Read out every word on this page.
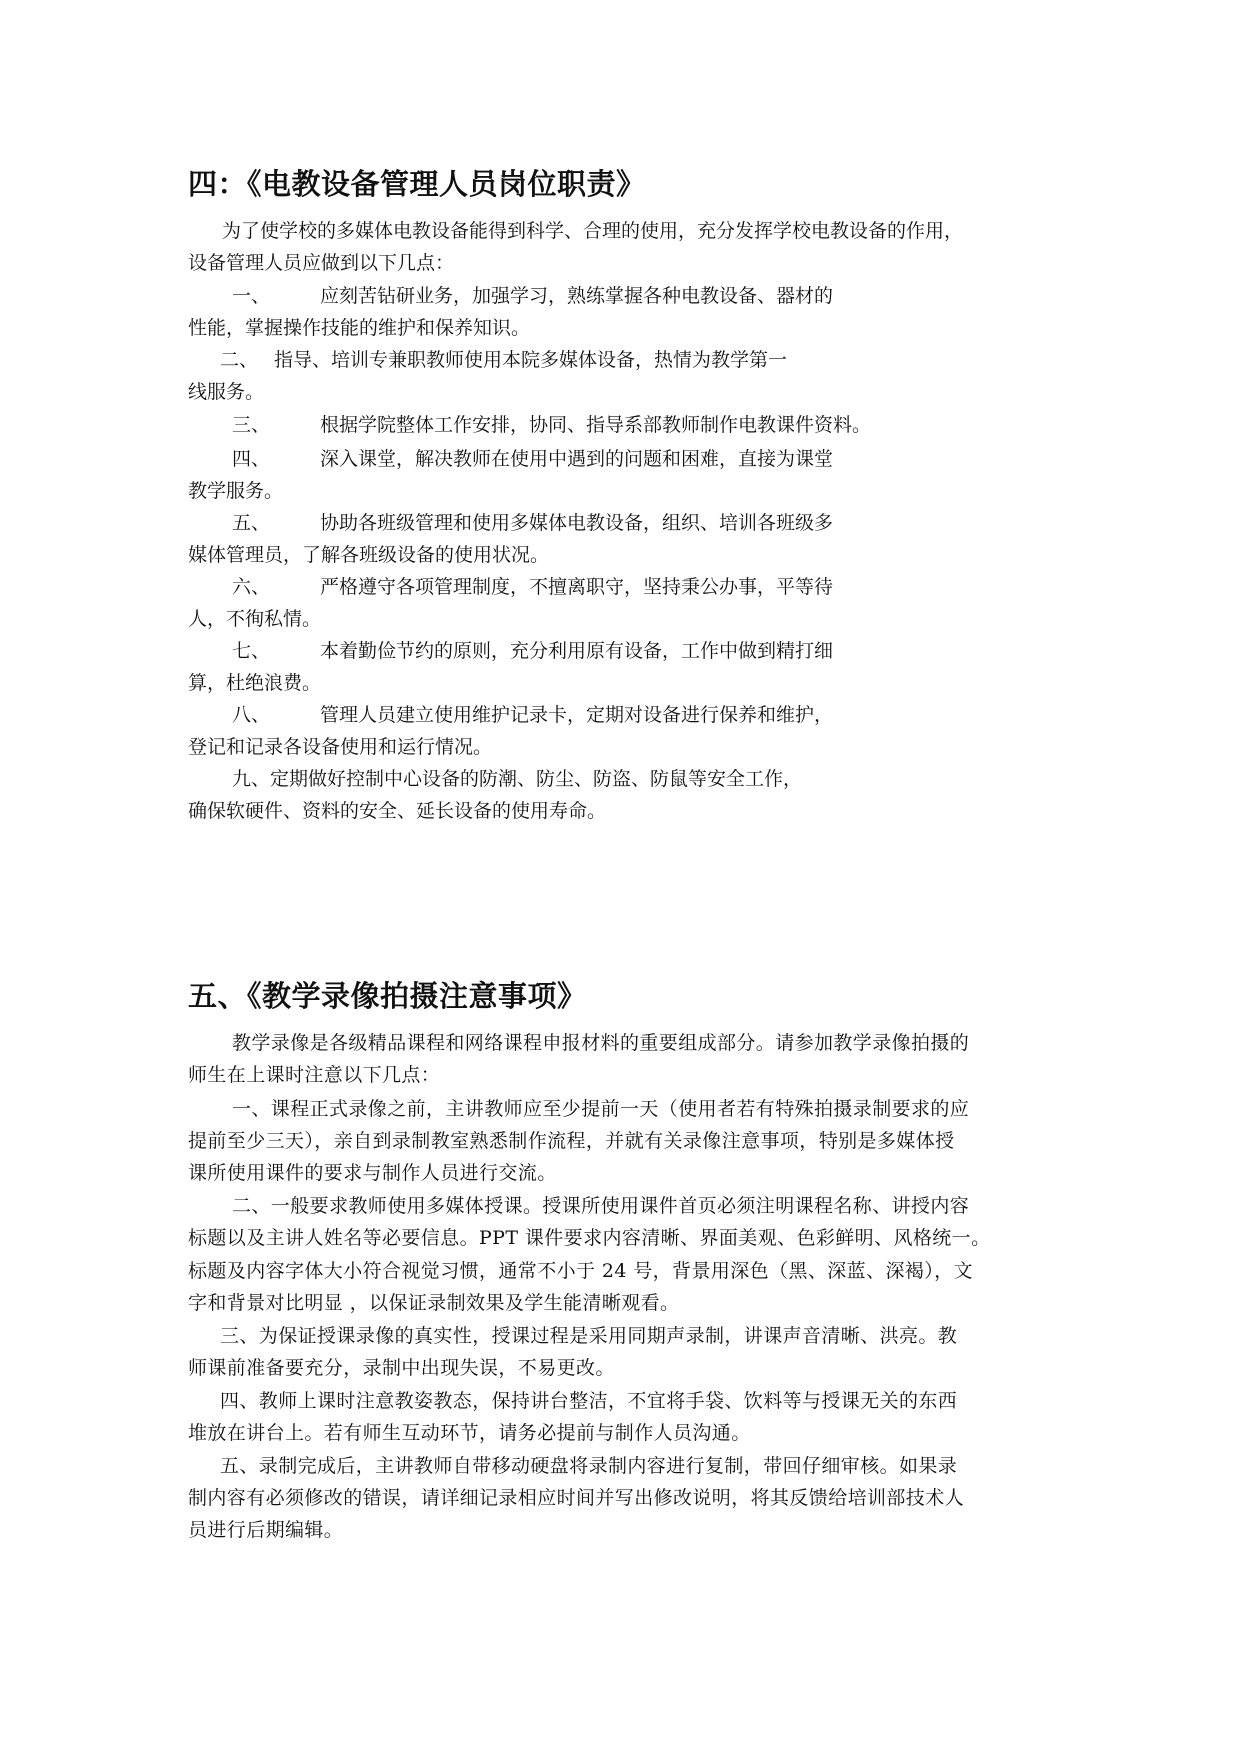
四：《电教设备管理人员岗位职责》

为了使学校的多媒体电教设备能得到科学、合理的使用，充分发挥学校电教设备的作用，

设备管理人员应做到以下几点：

一、	应刻苦钻研业务，加强学习，熟练掌握各种电教设备、器材的

性能，掌握操作技能的维护和保养知识。

二、 指导、培训专兼职教师使用本院多媒体设备，热情为教学第一

线服务。

三、	根据学院整体工作安排，协同、指导系部教师制作电教课件资料。

四、	深入课堂，解决教师在使用中遇到的问题和困难，直接为课堂

教学服务。

五、	协助各班级管理和使用多媒体电教设备，组织、培训各班级多

媒体管理员，了解各班级设备的使用状况。

六、	严格遵守各项管理制度，不擅离职守，坚持秉公办事，平等待

人，不徇私情。

七、	本着勤俭节约的原则，充分利用原有设备，工作中做到精打细

算，杜绝浪费。

八、	管理人员建立使用维护记录卡，定期对设备进行保养和维护，

登记和记录各设备使用和运行情况。

九、定期做好控制中心设备的防潮、防尘、防盗、防鼠等安全工作，

确保软硬件、资料的安全、延长设备的使用寿命。

五、《教学录像拍摄注意事项》

教学录像是各级精品课程和网络课程申报材料的重要组成部分。请参加教学录像拍摄的

师生在上课时注意以下几点：

一、课程正式录像之前，主讲教师应至少提前一天（使用者若有特殊拍摄录制要求的应

提前至少三天），亲自到录制教室熟悉制作流程，并就有关录像注意事项，特别是多媒体授

课所使用课件的要求与制作人员进行交流。

二、一般要求教师使用多媒体授课。授课所使用课件首页必须注明课程名称、讲授内容

标题以及主讲人姓名等必要信息。PPT 课件要求内容清晰、界面美观、色彩鲜明、风格统一。

标题及内容字体大小符合视觉习惯，通常不小于 24 号，背景用深色（黑、深蓝、深褐），文

字和背景对比明显 ，以保证录制效果及学生能清晰观看。

三、为保证授课录像的真实性，授课过程是采用同期声录制，讲课声音清晰、洪亮。教

师课前准备要充分，录制中出现失误，不易更改。

四、教师上课时注意教姿教态，保持讲台整洁，不宜将手袋、饮料等与授课无关的东西

堆放在讲台上。若有师生互动环节，请务必提前与制作人员沟通。

五、录制完成后，主讲教师自带移动硬盘将录制内容进行复制，带回仔细审核。如果录

制内容有必须修改的错误，请详细记录相应时间并写出修改说明，将其反馈给培训部技术人

员进行后期编辑。
